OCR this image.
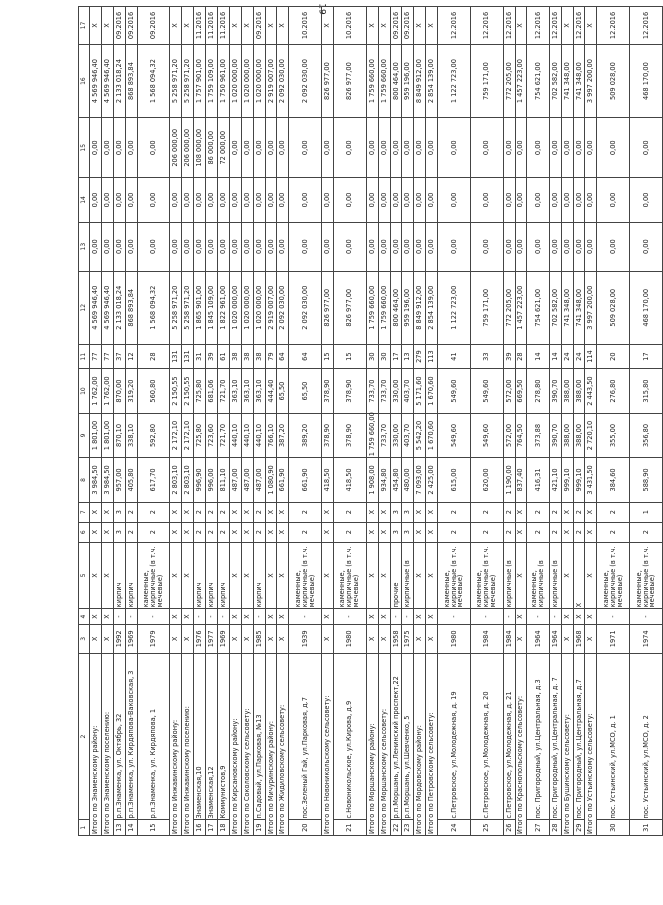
19
1	2	3	4	5	6	7	8	9	10	11	12	13	14	15	16	17
Итого по Знаменскому району:		X	X	X	X	X	3 984,50	1 801,00	1 762,00	77	4 569 946,40	0,00	0,00	0,00	4 569 946,40	X
Итого по Знаменскому поселению:		X	X	X	X	X	3 984,50	1 801,00	1 762,00	77	4 569 946,40	0,00	0,00	0,00	4 569 946,40	X
13	р.п.Знаменка, ул. Октябрь, 32	1992	-	кирпич	3	3	957,00	870,10	870,00	37	2 133 018,24	0,00	0,00	0,00	2 133 018,24	09.2016
14	р.п.Знаменка, ул. Кирдяпова-Ваковская, 3	1969	-	кирпич	2	2	405,80	338,10	319,20	12	868 893,84	0,00	0,00	0,00	868 893,84	09.2016
15	р.п.Знаменка, ул. Кирдяпова, 1	1979	-	каменные, кирпичные (в т.ч. мечевые)	2	2	617,70	592,80	560,80	28	1 568 094,32	0,00	0,00	0,00	1 568 094,32	09.2016
Итого по Инжавинскому району:		X	X	X	X	X	2 803,10	2 172,10	2 150,55	131	5 258 971,20	0,00	0,00	206 000,00	5 258 971,20	X
Итого по Инжавинскому поселению:		X	X	X	X	X	2 803,10	2 172,10	2 150,55	131	5 258 971,20	0,00	0,00	206 000,00	5 258 971,20	X
16	Знаменская,10	1976	-	кирпич	2	2	996,90	725,80	725,80	31	1 865 901,00	0,00	0,00	108 000,00	1 757 901,00	11.2016
17	Знаменская,12	1977	-	кирпич	2	2	996,00	723,60	681,06	39	1 845 109,00	0,00	0,00	86 000,00	1 759 109,00	11.2016
18	Коммунистов,9	1969	-	кирпич	2	2	811,10	721,70	721,70	61	1 822 961,00	0,00	0,00	72 000,00	1 750 961,00	11.2016
Итого по Кирсановскому району:		X	X	X	X	X	487,00	440,10	363,10	38	1 020 000,00	0,00	0,00	0,00	1 020 000,00	X
Итого по Соколовскому сельсовету:		X	X	X	X	X	487,00	440,10	363,10	38	1 020 000,00	0,00	0,00	0,00	1 020 000,00	X
19	п.Садовый, ул.Парковая, №13	1985	-	кирпич	2	2	487,00	440,10	363,10	38	1 020 000,00	0,00	0,00	0,00	1 020 000,00	09.2016
Итого по Мичуринскому району:		X	X	X	X	X	1 080,90	766,10	444,40	79	2 919 007,00	0,00	0,00	0,00	2 919 007,00	X
Итого по Жидиловскому сельсовету:		X	X	X	X	X	661,90	387,20	65,50	64	2 092 030,00	0,00	0,00	0,00	2 092 030,00	X
20	пос.Зеленый Гай, ул.Парковая, д.7	1939	-	каменные, кирпичные (в т.ч. мечевые)	2	2	661,90	389,20	65,50	64	2 092 030,00	0,00	0,00	0,00	2 092 030,00	10.2016
Итого по Новоникольскому сельсовету:		X	X	X	X	X	418,50	378,90	378,90	15	826 977,00	0,00	0,00	0,00	826 977,00	X
21	с.Новоникольское, ул.Кирова, д.9	1980	-	каменные, кирпичные (в т.ч. мечевые)	2	2	418,50	378,90	378,90	15	826 977,00	0,00	0,00	0,00	826 977,00	10.2016
Итого по Моршанскому району:		X	X	X	X	X	1 908,00	1 759 660,00	733,70	30	1 759 660,00	0,00	0,00	0,00	1 759 660,00	X
Итого по Моршанскому сельсовету:		X	X	X	X	X	934,80	733,70	733,70	30	1 759 660,00	0,00	0,00	0,00	1 759 660,00	X
22	р.п.Моршань, ул.Ленинский проспект,22	1958	-	прочие	3	3	454,80	330,00	330,00	17	800 464,00	0,00	0,00	0,00	800 464,00	09.2016
23	р.п.Моршань, ул.Шевченко, 5	1975	-	кирпичные (в	3	3	480,00	403,70	403,70	13	959 196,00	0,00	0,00	0,00	959 196,00	09.2016
Итого по Мордовскому району:		X	X	X	X	X	7 093,00	5 542,20	5 171,60	279	8 849 912,00	0,00	0,00	0,00	8 849 912,00	X
Итого по Петровскому сельсовету:		X	X	X	X	X	2 425,00	1 670,60	1 670,60	113	2 854 139,00	0,00	0,00	0,00	2 854 139,00	X
24	с.Петровское, ул.Молодежная, д. 19	1980	-	каменные, кирпичные (в т.ч. мечевые)	2	2	615,00	549,60	549,60	41	1 122 723,00	0,00	0,00	0,00	1 122 723,00	12.2016
25	с.Петровское, ул.Молодежная, д. 20	1984	-	каменные, кирпичные (в т.ч. мечевые)	2	2	620,00	549,60	549,60	33	759 171,00	0,00	0,00	0,00	759 171,00	12.2016
26	с.Петровское, ул.Молодежная, д. 21	1984	-	кирпичные (в	2	2	1 190,00	572,00	572,00	39	772 205,00	0,00	0,00	0,00	772 205,00	12.2016
Итого по Краснопольскому сельсовету:		X	X	X	X	X	837,40	764,50	669,50	28	1 457 223,00	0,00	0,00	0,00	1 457 223,00	X
27	пос. Пригородный, ул.Центральная, д.3	1964	-	каменные, кирпичные (в	2	2	416,31	373,88	278,80	14	754 621,00	0,00	0,00	0,00	754 621,00	12.2016
28	пос. Пригородный, ул.Центральная, д. 7	1964	-	кирпичные (в	2	2	421,10	390,70	390,70	14	702 582,00	0,00	0,00	0,00	702 582,00	12.2016
Итого по Бушинскому сельсовету:		X	X	X	X	X	999,10	388,00	388,00	24	741 348,00	0,00	0,00	0,00	741 348,00	X
29	пос. Пригородный, ул.Центральная, д.7	1968	X	X	2	2	999,10	388,00	388,00	24	741 348,00	0,00	0,00	0,00	741 348,00	12.2016
Итого по Устьинскому сельсовету:		X	X	X	X	X	3 431,50	2 720,10	2 443,50	114	3 997 200,00	0,00	0,00	0,00	3 997 200,00	X
30	пос. Устьинский, ул.МСО, д. 1	1971	-	каменные, кирпичные (в т.ч. мечевые)	2	2	384,60	355,00	276,80	20	509 028,00	0,00	0,00	0,00	509 028,00	12.2016
31	пос. Устьинский, ул.МСО, д. 2	1974	-	каменные, кирпичные (в т.ч. мечевые)	2	1	588,90	356,80	315,80	17	468 170,00	0,00	0,00	0,00	468 170,00	12.2016
